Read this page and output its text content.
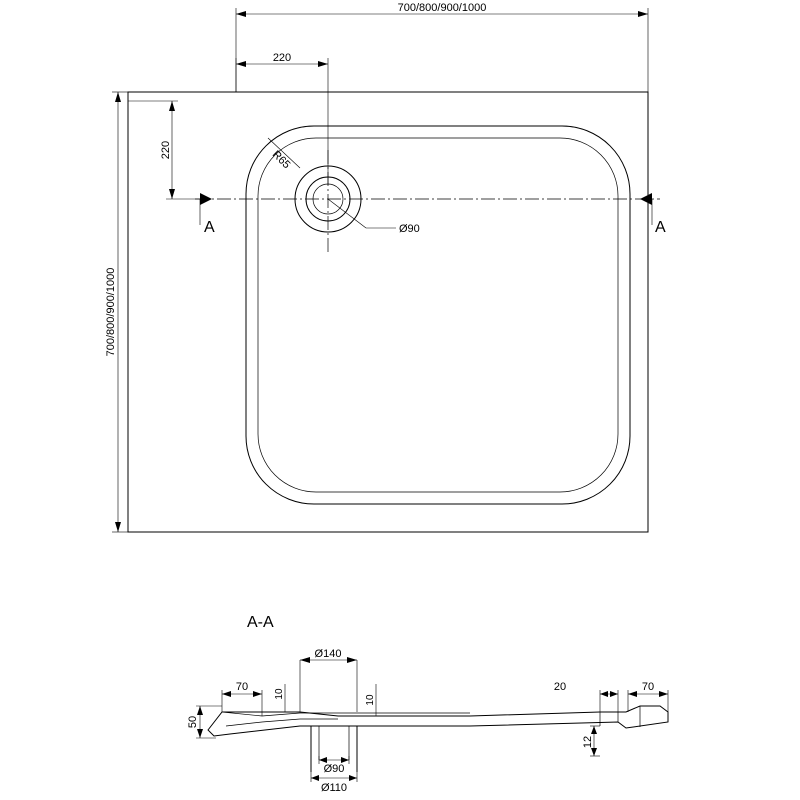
A	A
700/800/900/1000
220
220
700/800/900/1000
R65
Ø90
A-A
Ø140
70
10
10
20	70
50
12
Ø90
Ø110
